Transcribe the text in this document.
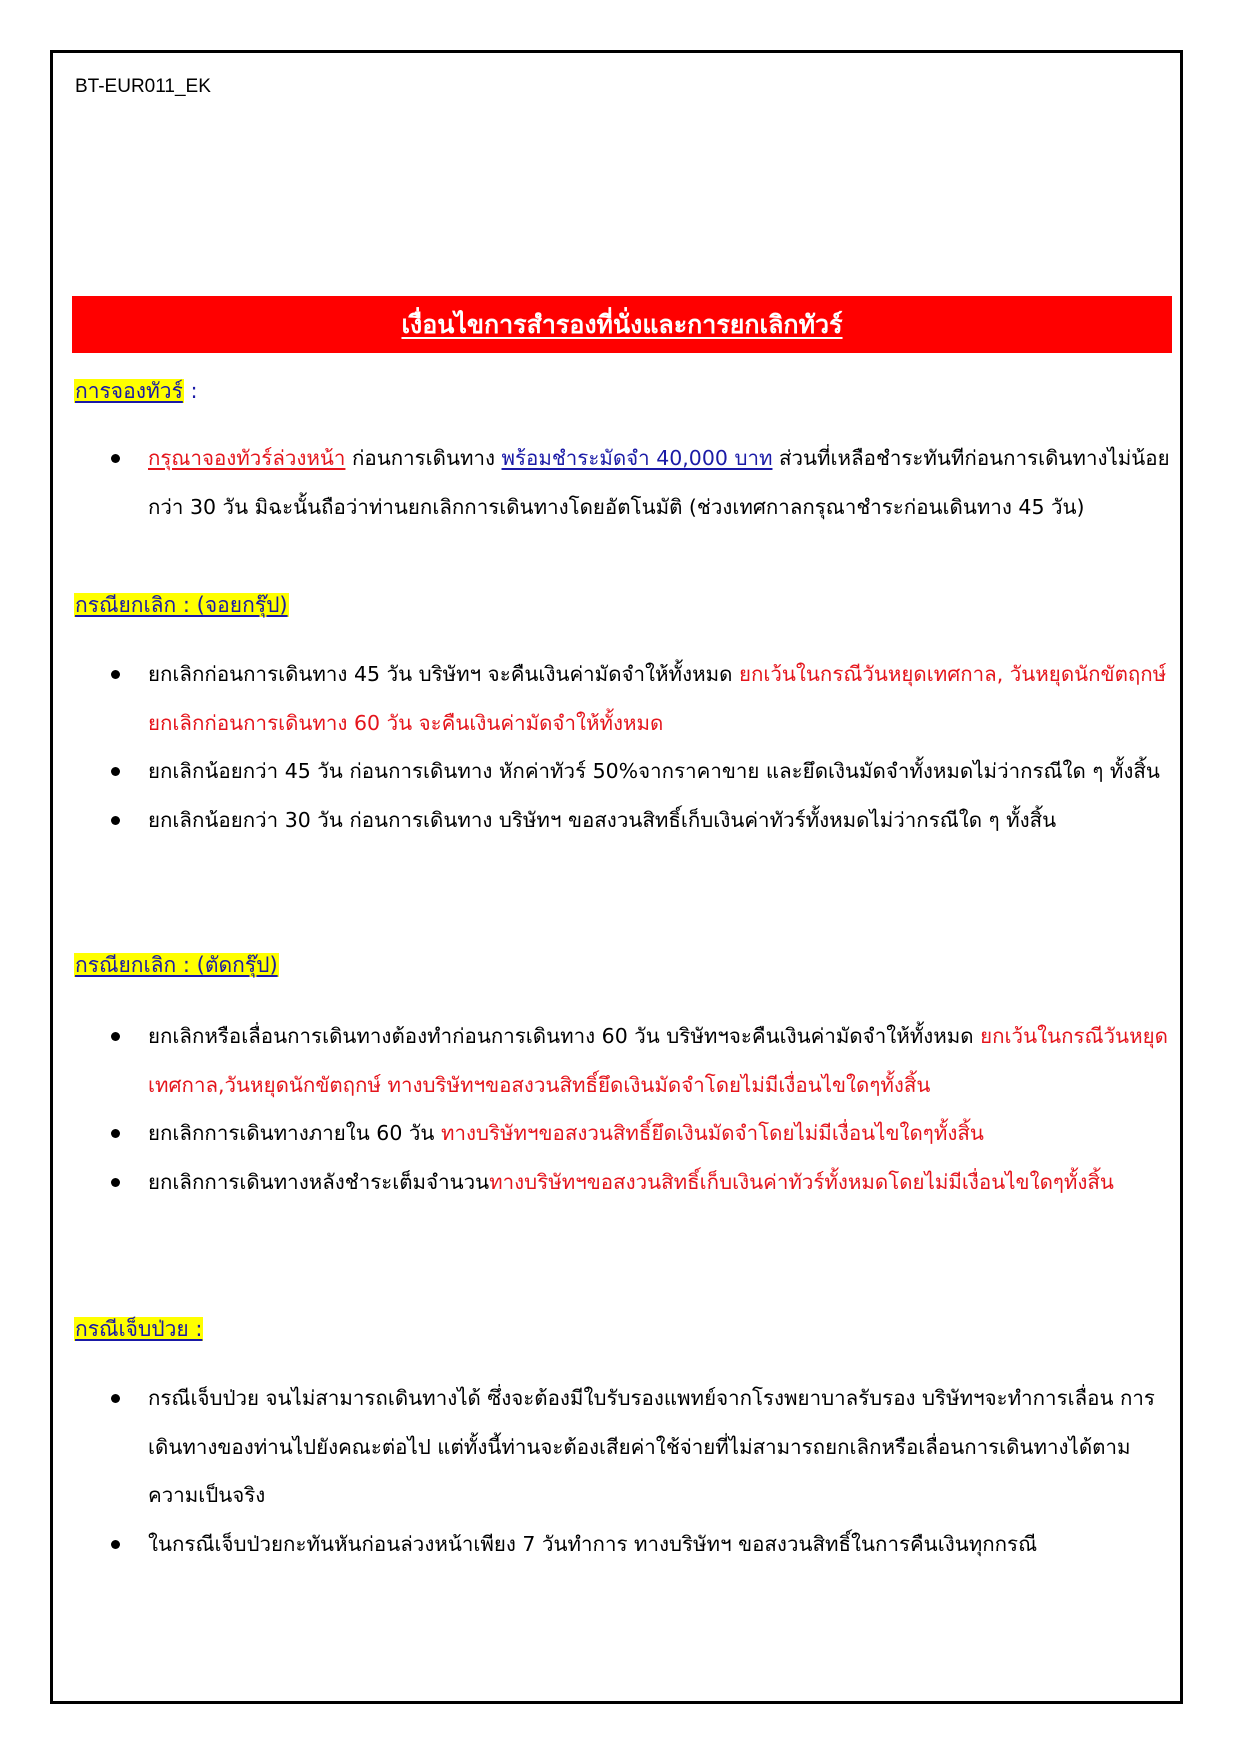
BT-EUR011_EK
เงื่อนไขการสำรองที่นั่งและการยกเลิกทัวร์
การจองทัวร์ :
กรุณาจองทัวร์ล่วงหน้า ก่อนการเดินทาง พร้อมชำระมัดจำ 40,000 บาท ส่วนที่เหลือชำระทันทีก่อนการเดินทางไม่น้อยกว่า 30 วัน มิฉะนั้นถือว่าท่านยกเลิกการเดินทางโดยอัตโนมัติ (ช่วงเทศกาลกรุณาชำระก่อนเดินทาง 45 วัน)
กรณียกเลิก : (จอยกรุ๊ป)
ยกเลิกก่อนการเดินทาง 45 วัน บริษัทฯ จะคืนเงินค่ามัดจำให้ทั้งหมด ยกเว้นในกรณีวันหยุดเทศกาล, วันหยุดนักขัตฤกษ์ ยกเลิกก่อนการเดินทาง 60 วัน จะคืนเงินค่ามัดจำให้ทั้งหมด
ยกเลิกน้อยกว่า 45 วัน ก่อนการเดินทาง หักค่าทัวร์ 50%จากราคาขาย และยึดเงินมัดจำทั้งหมดไม่ว่ากรณีใด ๆ ทั้งสิ้น
ยกเลิกน้อยกว่า 30 วัน ก่อนการเดินทาง บริษัทฯ ขอสงวนสิทธิ์เก็บเงินค่าทัวร์ทั้งหมดไม่ว่ากรณีใด ๆ ทั้งสิ้น
กรณียกเลิก : (ตัดกรุ๊ป)
ยกเลิกหรือเลื่อนการเดินทางต้องทำก่อนการเดินทาง 60 วัน บริษัทฯจะคืนเงินค่ามัดจำให้ทั้งหมด ยกเว้นในกรณีวันหยุดเทศกาล,วันหยุดนักขัตฤกษ์ ทางบริษัทฯขอสงวนสิทธิ์ยึดเงินมัดจำโดยไม่มีเงื่อนไขใดๆทั้งสิ้น
ยกเลิกการเดินทางภายใน 60 วัน ทางบริษัทฯขอสงวนสิทธิ์ยึดเงินมัดจำโดยไม่มีเงื่อนไขใดๆทั้งสิ้น
ยกเลิกการเดินทางหลังชำระเต็มจำนวนทางบริษัทฯขอสงวนสิทธิ์เก็บเงินค่าทัวร์ทั้งหมดโดยไม่มีเงื่อนไขใดๆทั้งสิ้น
กรณีเจ็บป่วย :
กรณีเจ็บป่วย จนไม่สามารถเดินทางได้ ซึ่งจะต้องมีใบรับรองแพทย์จากโรงพยาบาลรับรอง บริษัทฯจะทำการเลื่อน การเดินทางของท่านไปยังคณะต่อไป แต่ทั้งนี้ท่านจะต้องเสียค่าใช้จ่ายที่ไม่สามารถยกเลิกหรือเลื่อนการเดินทางได้ตามความเป็นจริง
ในกรณีเจ็บป่วยกะทันหันก่อนล่วงหน้าเพียง 7 วันทำการ ทางบริษัทฯ ขอสงวนสิทธิ์ในการคืนเงินทุกกรณี
